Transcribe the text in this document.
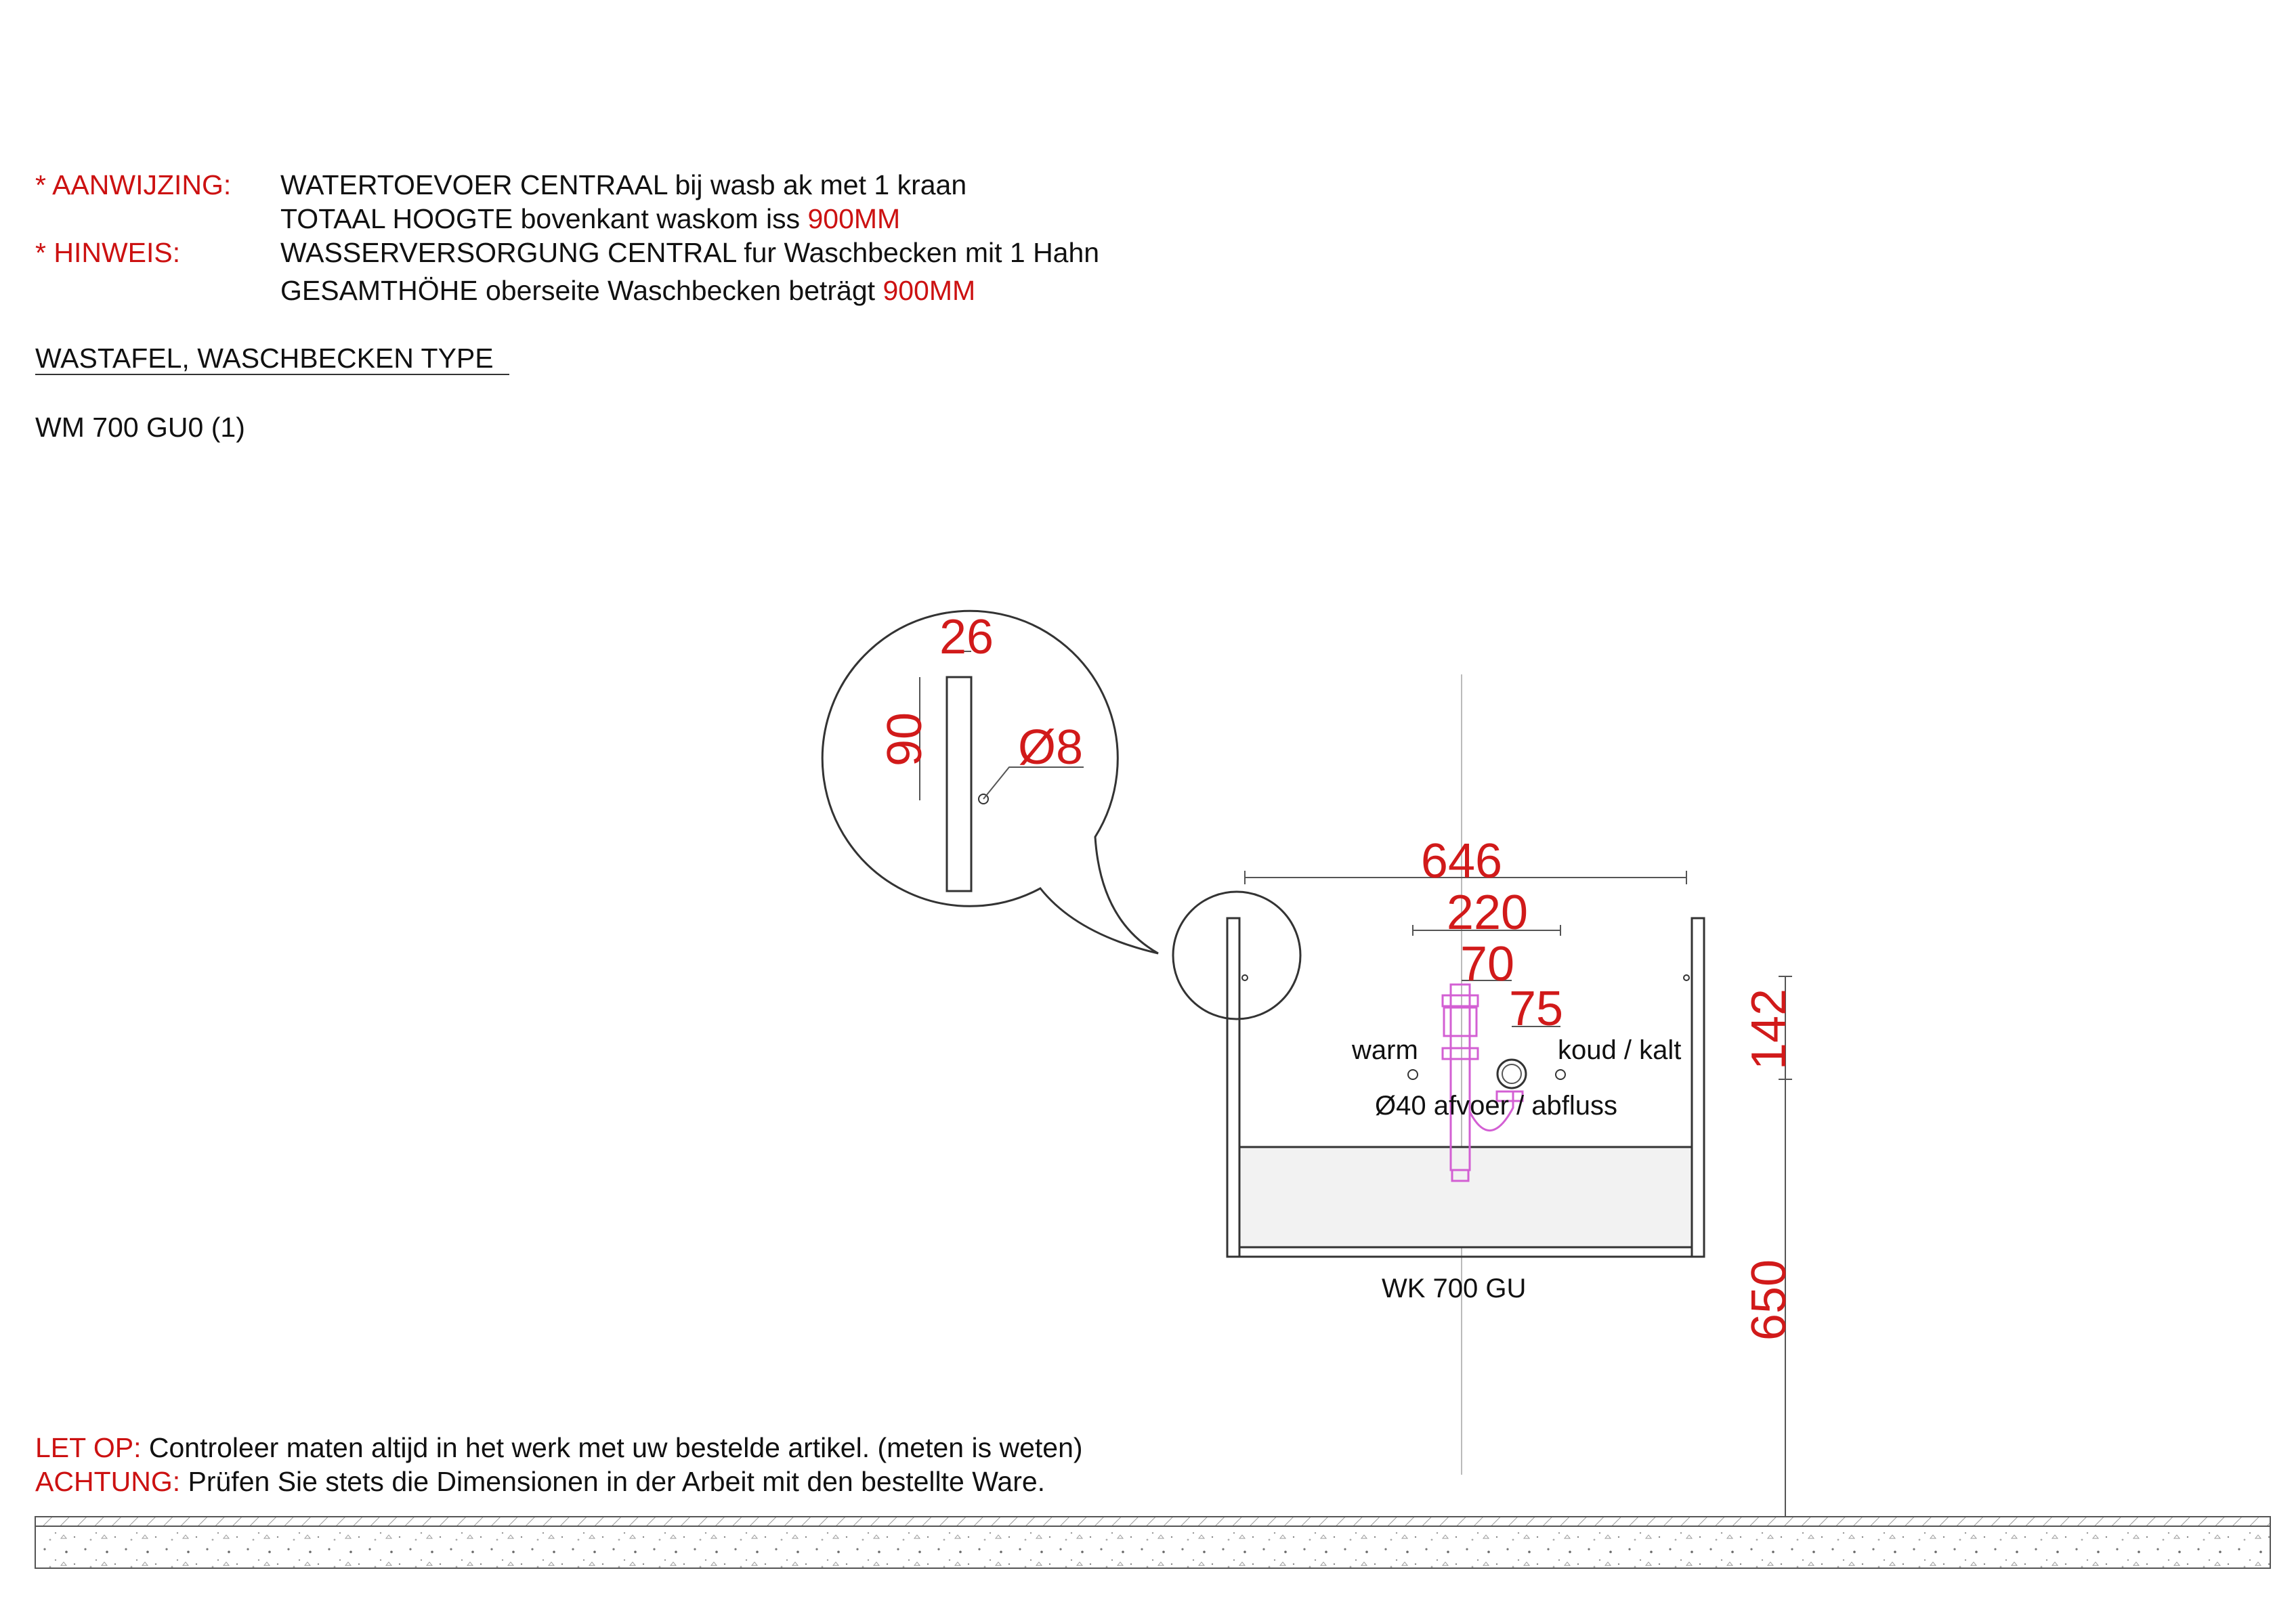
* AANWIJZING: WATERTOEVOER CENTRAAL bij wasb ak met 1 kraan
TOTAAL HOOGTE bovenkant waskom iss 900MM
* HINWEIS:	WASSERVERSORGUNG CENTRAL fur Waschbecken mit 1 Hahn
GESAMTHÖHE oberseite Waschbecken beträgt 900MM
WASTAFEL, WASCHBECKEN TYPE
WM 700 GU0 (1)
26
90 Ø8
646
220
70
75	142
650
warm	koud / kalt
Ø40 afvoer / abfluss
WK 700 GU
LET OP: Controleer maten altijd in het werk met uw bestelde artikel. (meten is weten)
ACHTUNG: Prüfen Sie stets die Dimensionen in der Arbeit mit den bestellte Ware.
